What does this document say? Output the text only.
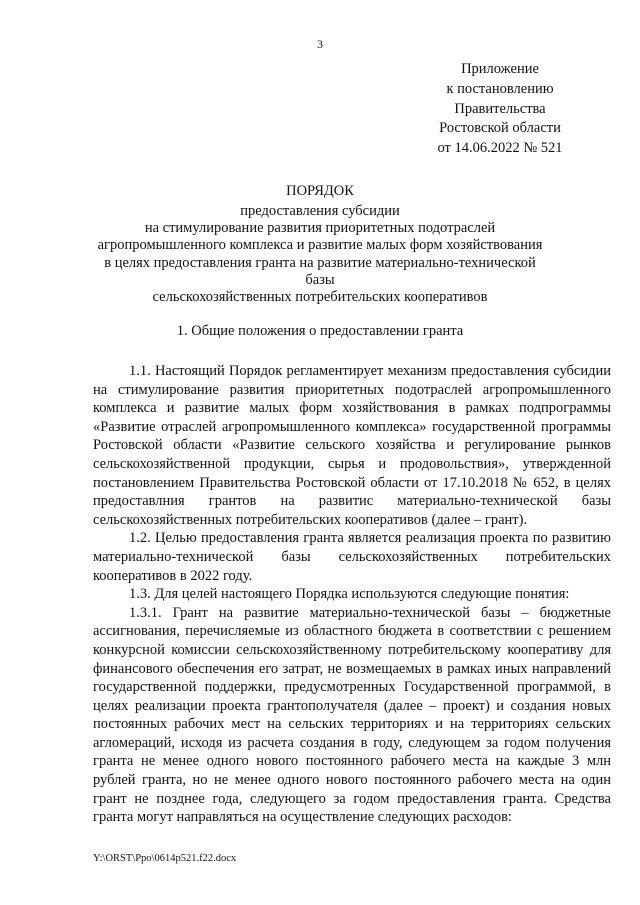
3
Приложение
к постановлению
Правительства
Ростовской области
от 14.06.2022 № 521
ПОРЯДОК
предоставления субсидии
на стимулирование развития приоритетных подотраслей
агропромышленного комплекса и развитие малых форм хозяйствования
в целях предоставления гранта на развитие материально-технической базы
сельскохозяйственных потребительских кооперативов
1. Общие положения о предоставлении гранта

1.1. Настоящий Порядок регламентирует механизм предоставления субсидии на стимулирование развития приоритетных подотраслей агропромышленного комплекса и развитие малых форм хозяйствования в рамках подпрограммы «Развитие отраслей агропромышленного комплекса» государственной программы Ростовской области «Развитие сельского хозяйства и регулирование рынков сельскохозяйственной продукции, сырья и продовольствия», утвержденной постановлением Правительства Ростовской области от 17.10.2018 № 652, в целях предоставлния грантов на развитис материально-технической базы сельскохозяйственных потребительских кооперативов (далее – грант).

1.2. Целью предоставления гранта является реализация проекта по развитию материально-технической базы сельскохозяйственных потребительских кооперативов в 2022 году.

1.3. Для целей настоящего Порядка используются следующие понятия:

1.3.1. Грант на развитие материально-технической базы – бюджетные ассигнования, перечисляемые из областного бюджета в соответствии с решением конкурсной комиссии сельскохозяйственному потребительскому кооперативу для финансового обеспечения его затрат, не возмещаемых в рамках иных направлений государственной поддержки, предусмотренных Государственной программой, в целях реализации проекта грантополучателя (далее – проект) и создания новых постоянных рабочих мест на сельских территориях и на территориях сельских агломераций, исходя из расчета создания в году, следующем за годом получения гранта не менее одного нового постоянного рабочего места на каждые 3 млн рублей гранта, но не менее одного нового постоянного рабочего места на один грант не позднее года, следующего за годом предоставления гранта. Средства гранта могут направляться на осуществление следующих расходов:

Y:\ORST\Ppo\0614p521.f22.docx
